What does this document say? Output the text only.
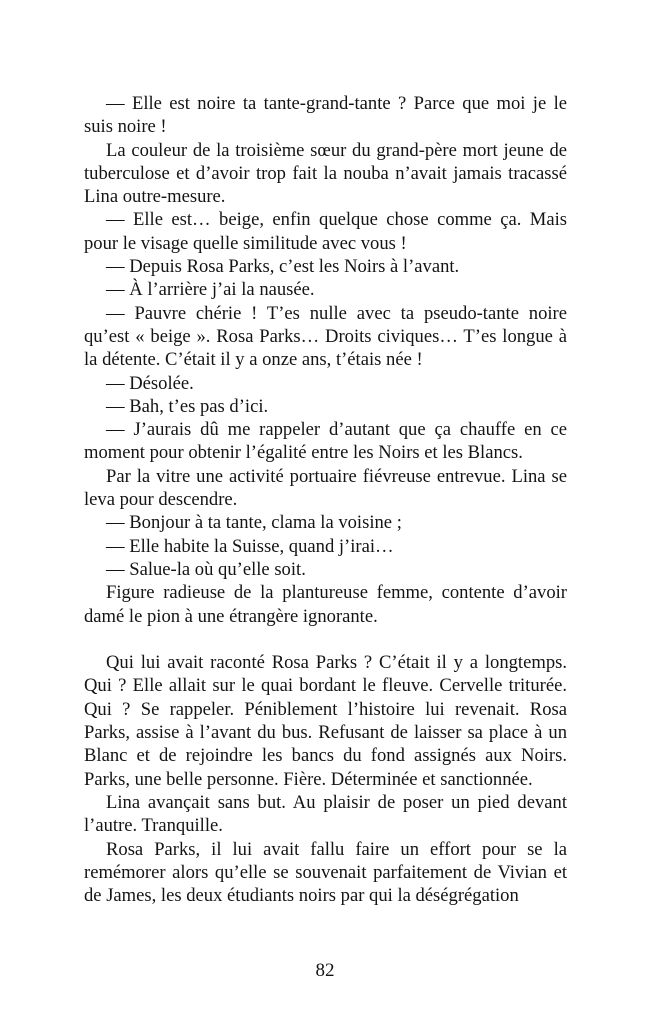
— Elle est noire ta tante-grand-tante ? Parce que moi je le suis noire !

La couleur de la troisième sœur du grand-père mort jeune de tuberculose et d’avoir trop fait la nouba n’avait jamais tracassé Lina outre-mesure.

— Elle est… beige, enfin quelque chose comme ça. Mais pour le visage quelle similitude avec vous !

— Depuis Rosa Parks, c’est les Noirs à l’avant.

— À l’arrière j’ai la nausée.

— Pauvre chérie ! T’es nulle avec ta pseudo-tante noire qu’est « beige ». Rosa Parks… Droits civiques… T’es longue à la détente. C’était il y a onze ans, t’étais née !

— Désolée.

— Bah, t’es pas d’ici.

— J’aurais dû me rappeler d’autant que ça chauffe en ce moment pour obtenir l’égalité entre les Noirs et les Blancs.

Par la vitre une activité portuaire fiévreuse entrevue. Lina se leva pour descendre.

— Bonjour à ta tante, clama la voisine ;

— Elle habite la Suisse, quand j’irai…

— Salue-la où qu’elle soit.

Figure radieuse de la plantureuse femme, contente d’avoir damé le pion à une étrangère ignorante.

Qui lui avait raconté Rosa Parks ? C’était il y a longtemps. Qui ? Elle allait sur le quai bordant le fleuve. Cervelle triturée. Qui ? Se rappeler. Péniblement l’histoire lui revenait. Rosa Parks, assise à l’avant du bus. Refusant de laisser sa place à un Blanc et de rejoindre les bancs du fond assignés aux Noirs. Parks, une belle personne. Fière. Déterminée et sanctionnée.

Lina avançait sans but. Au plaisir de poser un pied devant l’autre. Tranquille.

Rosa Parks, il lui avait fallu faire un effort pour se la remémorer alors qu’elle se souvenait parfaitement de Vivian et de James, les deux étudiants noirs par qui la déségrégation

82
